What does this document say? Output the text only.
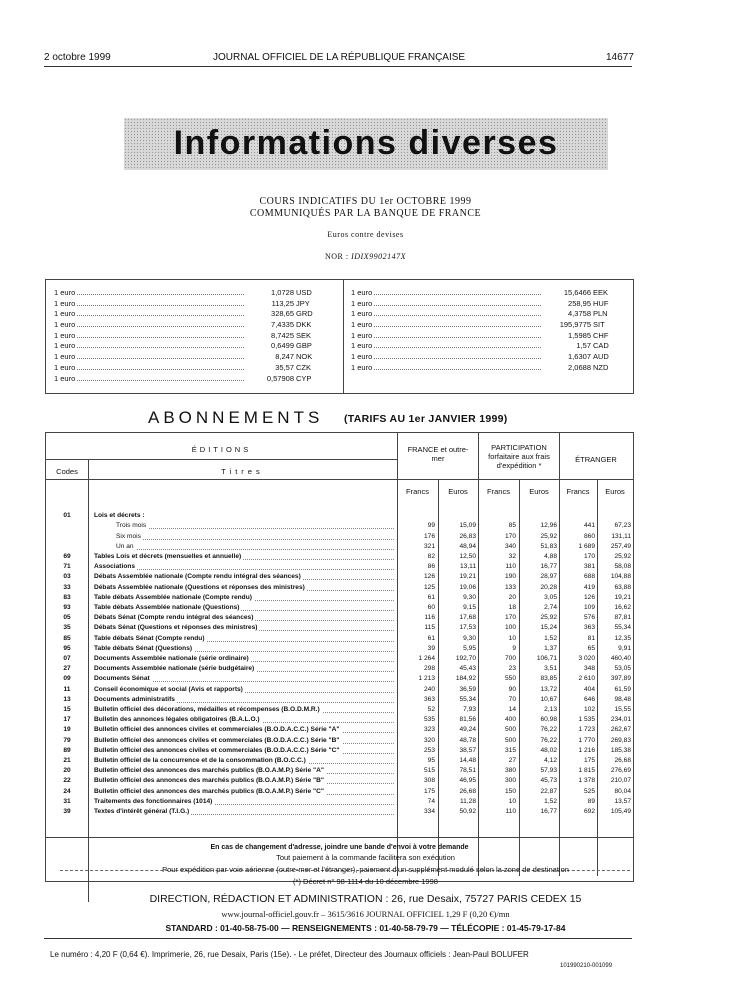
2 octobre 1999	JOURNAL OFFICIEL DE LA RÉPUBLIQUE FRANÇAISE	14677
Informations diverses
COURS INDICATIFS DU 1er OCTOBRE 1999
COMMUNIQUÉS PAR LA BANQUE DE FRANCE
Euros contre devises
NOR : IDIX9902147X
1 euro	1,0728 USD
1 euro	113,25 JPY
1 euro	328,65 GRD
1 euro	7,4335 DKK
1 euro	8,7425 SEK
1 euro	0,6499 GBP
1 euro	8,247 NOK
1 euro	35,57 CZK
1 euro	0,57908 CYP
1 euro	15,6466 EEK
1 euro	258,95 HUF
1 euro	4,3758 PLN
1 euro	195,9775 SIT
1 euro	1,5985 CHF
1 euro	1,57 CAD
1 euro	1,6307 AUD
1 euro	2,0688 NZD
ABONNEMENTS (TARIFS AU 1er JANVIER 1999)
ÉDITIONS
Codes	Titres
FRANCE et outre-mer
PARTICIPATION forfaitaire aux frais d'expédition *
ÉTRANGER
Francs	Euros	Francs	Euros	Francs	Euros
01	Lois et décrets :
Trois mois	99	15,09	85	12,96	441	67,23
Six mois	176	26,83	170	25,92	860	131,11
Un an	321	48,94	340	51,83	1 689	257,49
69	Tables Lois et décrets (mensuelles et annuelle)	82	12,50	32	4,88	170	25,92
71	Associations	86	13,11	110	16,77	381	58,08
03	Débats Assemblée nationale (Compte rendu intégral des séances)	126	19,21	190	28,97	688	104,88
33	Débats Assemblée nationale (Questions et réponses des ministres)	125	19,06	133	20,28	419	63,88
83	Table débats Assemblée nationale (Compte rendu)	61	9,30	20	3,05	126	19,21
93	Table débats Assemblée nationale (Questions)	60	9,15	18	2,74	109	16,62
05	Débats Sénat (Compte rendu intégral des séances)	116	17,68	170	25,92	576	87,81
35	Débats Sénat (Questions et réponses des ministres)	115	17,53	100	15,24	363	55,34
85	Table débats Sénat (Compte rendu)	61	9,30	10	1,52	81	12,35
95	Table débats Sénat (Questions)	39	5,95	9	1,37	65	9,91
07	Documents Assemblée nationale (série ordinaire)	1 264	192,70	700	106,71	3 020	460,40
27	Documents Assemblée nationale (série budgétaire)	298	45,43	23	3,51	348	53,05
09	Documents Sénat	1 213	184,92	550	83,85	2 610	397,89
11	Conseil économique et social (Avis et rapports)	240	36,59	90	13,72	404	61,59
13	Documents administratifs	363	55,34	70	10,67	646	98,48
15	Bulletin officiel des décorations, médailles et récompenses (B.O.D.M.R.)	52	7,93	14	2,13	102	15,55
17	Bulletin des annonces légales obligatoires (B.A.L.O.)	535	81,56	400	60,98	1 535	234,01
19	Bulletin officiel des annonces civiles et commerciales (B.O.D.A.C.C.) Série "A"	323	49,24	500	76,22	1 723	262,67
79	Bulletin officiel des annonces civiles et commerciales (B.O.D.A.C.C.) Série "B"	320	48,78	500	76,22	1 770	269,83
89	Bulletin officiel des annonces civiles et commerciales (B.O.D.A.C.C.) Série "C"	253	38,57	315	48,02	1 216	185,38
21	Bulletin officiel de la concurrence et de la consommation (B.O.C.C.)	95	14,48	27	4,12	175	26,68
20	Bulletin officiel des annonces des marchés publics (B.O.A.M.P.) Série "A"	515	78,51	380	57,93	1 815	276,69
22	Bulletin officiel des annonces des marchés publics (B.O.A.M.P.) Série "B"	308	46,95	300	45,73	1 378	210,07
24	Bulletin officiel des annonces des marchés publics (B.O.A.M.P.) Série "C"	175	26,68	150	22,87	525	80,04
31	Traitements des fonctionnaires (1014)	74	11,28	10	1,52	89	13,57
39	Textes d'intérêt général (T.I.G.)	334	50,92	110	16,77	692	105,49
En cas de changement d'adresse, joindre une bande d'envoi à votre demande
Tout paiement à la commande facilitera son exécution
Pour expédition par voie aérienne (outre-mer et l'étranger), paiement d'un supplément modulé selon la zone de destination
(*) Décret n° 98-1114 du 10 décembre 1998
DIRECTION, RÉDACTION ET ADMINISTRATION : 26, rue Desaix, 75727 PARIS CEDEX 15
www.journal-officiel.gouv.fr – 3615/3616 JOURNAL OFFICIEL 1,29 F (0,20 €)/mn
STANDARD : 01-40-58-75-00 — RENSEIGNEMENTS : 01-40-58-79-79 — TÉLÉCOPIE : 01-45-79-17-84
Le numéro : 4,20 F (0,64 €). Imprimerie, 26, rue Desaix, Paris (15e). - Le préfet, Directeur des Journaux officiels : Jean-Paul BOLUFER
101990210-001099
